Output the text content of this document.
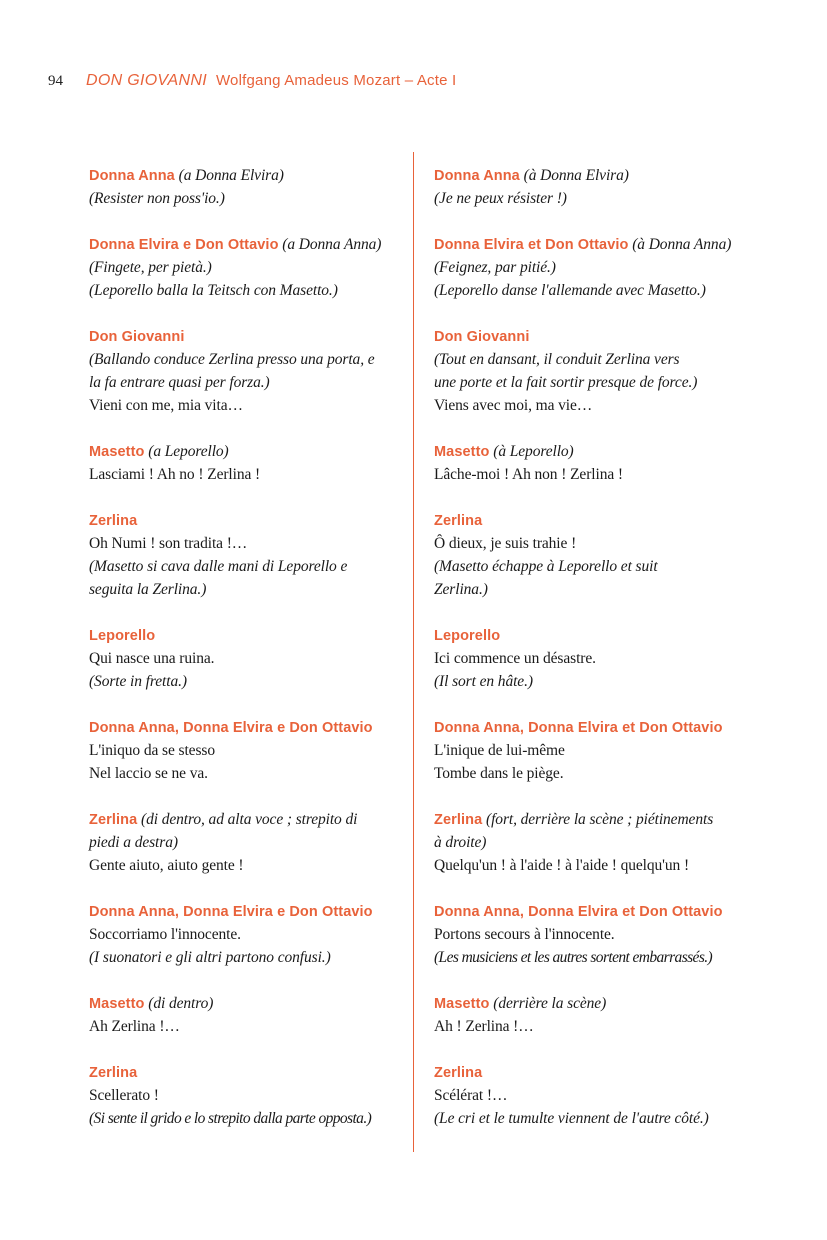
94 DON GIOVANNI Wolfgang Amadeus Mozart – Acte I
Donna Anna (a Donna Elvira)
(Resister non poss'io.)
Donna Elvira e Don Ottavio (a Donna Anna)
(Fingete, per pietà.)
(Leporello balla la Teitsch con Masetto.)
Don Giovanni
(Ballando conduce Zerlina presso una porta, e
la fa entrare quasi per forza.)
Vieni con me, mia vita…
Masetto (a Leporello)
Lasciami ! Ah no ! Zerlina !
Zerlina
Oh Numi ! son tradita !…
(Masetto si cava dalle mani di Leporello e
seguita la Zerlina.)
Leporello
Qui nasce una ruina.
(Sorte in fretta.)
Donna Anna, Donna Elvira e Don Ottavio
L'iniquo da se stesso
Nel laccio se ne va.
Zerlina (di dentro, ad alta voce ; strepito di
piedi a destra)
Gente aiuto, aiuto gente !
Donna Anna, Donna Elvira e Don Ottavio
Soccorriamo l'innocente.
(I suonatori e gli altri partono confusi.)
Masetto (di dentro)
Ah Zerlina !…
Zerlina
Scellerato !
(Si sente il grido e lo strepito dalla parte opposta.)
Donna Anna (à Donna Elvira)
(Je ne peux résister !)
Donna Elvira et Don Ottavio (à Donna Anna)
(Feignez, par pitié.)
(Leporello danse l'allemande avec Masetto.)
Don Giovanni
(Tout en dansant, il conduit Zerlina vers
une porte et la fait sortir presque de force.)
Viens avec moi, ma vie…
Masetto (à Leporello)
Lâche-moi ! Ah non ! Zerlina !
Zerlina
Ô dieux, je suis trahie !
(Masetto échappe à Leporello et suit
Zerlina.)
Leporello
Ici commence un désastre.
(Il sort en hâte.)
Donna Anna, Donna Elvira et Don Ottavio
L'inique de lui-même
Tombe dans le piège.
Zerlina (fort, derrière la scène ; piétinements
à droite)
Quelqu'un ! à l'aide ! à l'aide ! quelqu'un !
Donna Anna, Donna Elvira et Don Ottavio
Portons secours à l'innocente.
(Les musiciens et les autres sortent embarrassés.)
Masetto (derrière la scène)
Ah ! Zerlina !…
Zerlina
Scélérat !…
(Le cri et le tumulte viennent de l'autre côté.)
